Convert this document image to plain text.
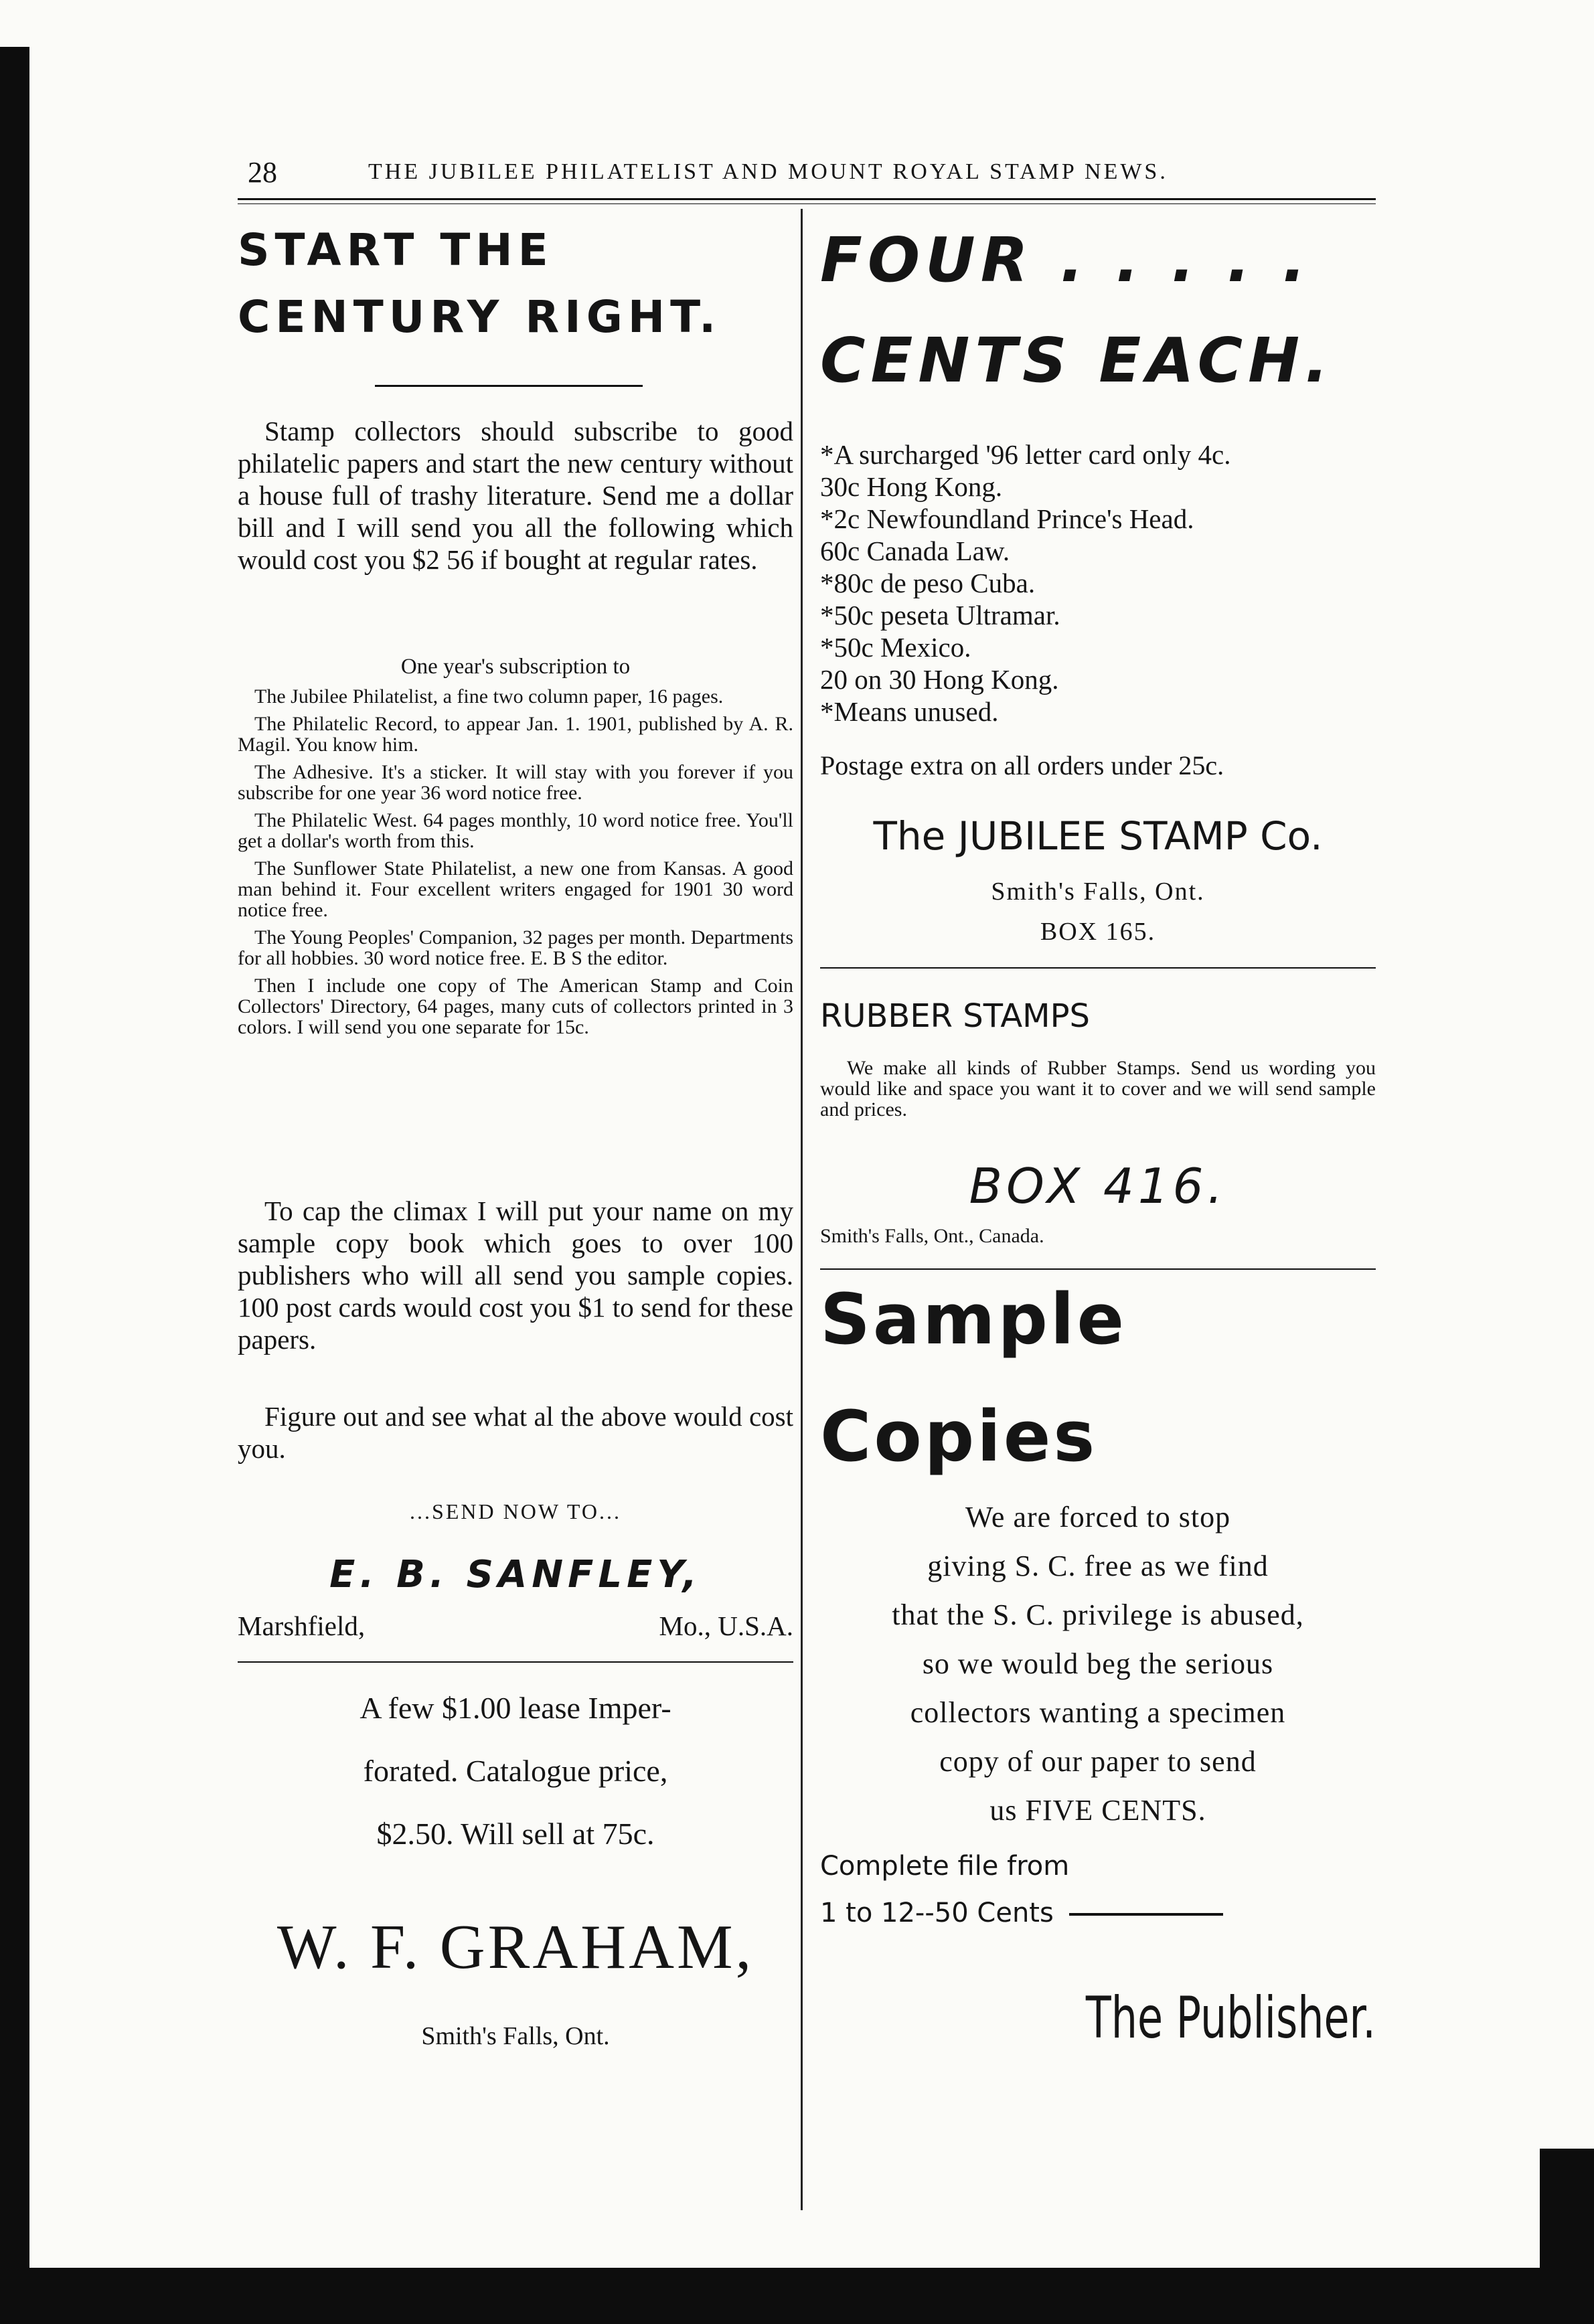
28	THE JUBILEE PHILATELIST AND MOUNT ROYAL STAMP NEWS.
START THE
CENTURY RIGHT.

Stamp collectors should subscribe to good philatelic papers and start the new century without a house full of trashy literature. Send me a dollar bill and I will send you all the following which would cost you $2 56 if bought at regular rates.

One year's subscription to
The Jubilee Philatelist, a fine two column paper, 16 pages.
The Philatelic Record, to appear Jan. 1. 1901, published by A. R. Magil. You know him.
The Adhesive. It's a sticker. It will stay with you forever if you subscribe for one year 36 word notice free.
The Philatelic West. 64 pages monthly, 10 word notice free. You'll get a dollar's worth from this.
The Sunflower State Philatelist, a new one from Kansas. A good man behind it. Four excellent writers engaged for 1901 30 word notice free.
The Young Peoples' Companion, 32 pages per month. Departments for all hobbies. 30 word notice free. E. B S the editor.
Then I include one copy of The American Stamp and Coin Collectors' Directory, 64 pages, many cuts of collectors printed in 3 colors. I will send you one separate for 15c.

To cap the climax I will put your name on my sample copy book which goes to over 100 publishers who will all send you sample copies. 100 post cards would cost you $1 to send for these papers.

Figure out and see what al the above would cost you.

...SEND NOW TO...
E. B. SANFLEY,
Marshfield,	Mo., U.S.A.
A few $1.00 lease Imper-
forated. Catalogue price,
$2.50. Will sell at 75c.
W. F. GRAHAM,
Smith's Falls, Ont.
FOUR . . . . .
CENTS EACH.
*A surcharged '96 letter card only 4c.
30c Hong Kong.
*2c Newfoundland Prince's Head.
60c Canada Law.
*80c de peso Cuba.
*50c peseta Ultramar.
*50c Mexico.
20 on 30 Hong Kong.
*Means unused.
Postage extra on all orders under 25c.
The JUBILEE STAMP Co.
Smith's Falls, Ont.
BOX 165.
RUBBER STAMPS

We make all kinds of Rubber Stamps. Send us wording you would like and space you want it to cover and we will send sample and prices.

BOX 416.
Smith's Falls, Ont., Canada.
Sample
Copies
We are forced to stop
giving S. C. free as we find
that the S. C. privilege is abused,
so we would beg the serious
collectors wanting a specimen
copy of our paper to send
us FIVE CENTS.
Complete file from
1 to 12--50 Cents
The Publisher.
